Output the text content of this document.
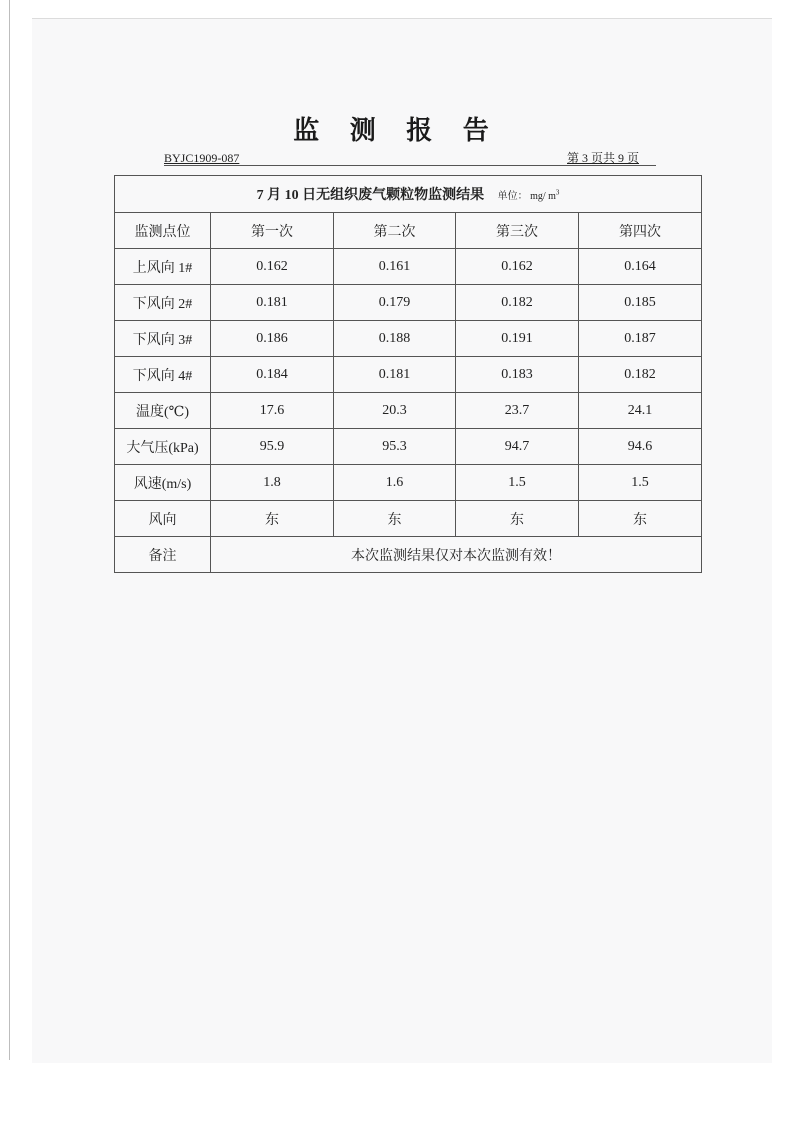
监 测 报 告
BYJC1909-087	第 3 页共 9 页
7 月 10 日无组织废气颗粒物监测结果 单位： mg/ $m^3$
监测点位	第一次	第二次	第三次	第四次
上风向 1#	0.162	0.161	0.162	0.164
下风向 2#	0.181	0.179	0.182	0.185
下风向 3#	0.186	0.188	0.191	0.187
下风向 4#	0.184	0.181	0.183	0.182
温度(℃)	17.6	20.3	23.7	24.1
大气压(kPa)	95.9	95.3	94.7	94.6
风速(m/s)	1.8	1.6	1.5	1.5
风向	东	东	东	东
备注	本次监测结果仅对本次监测有效！			
